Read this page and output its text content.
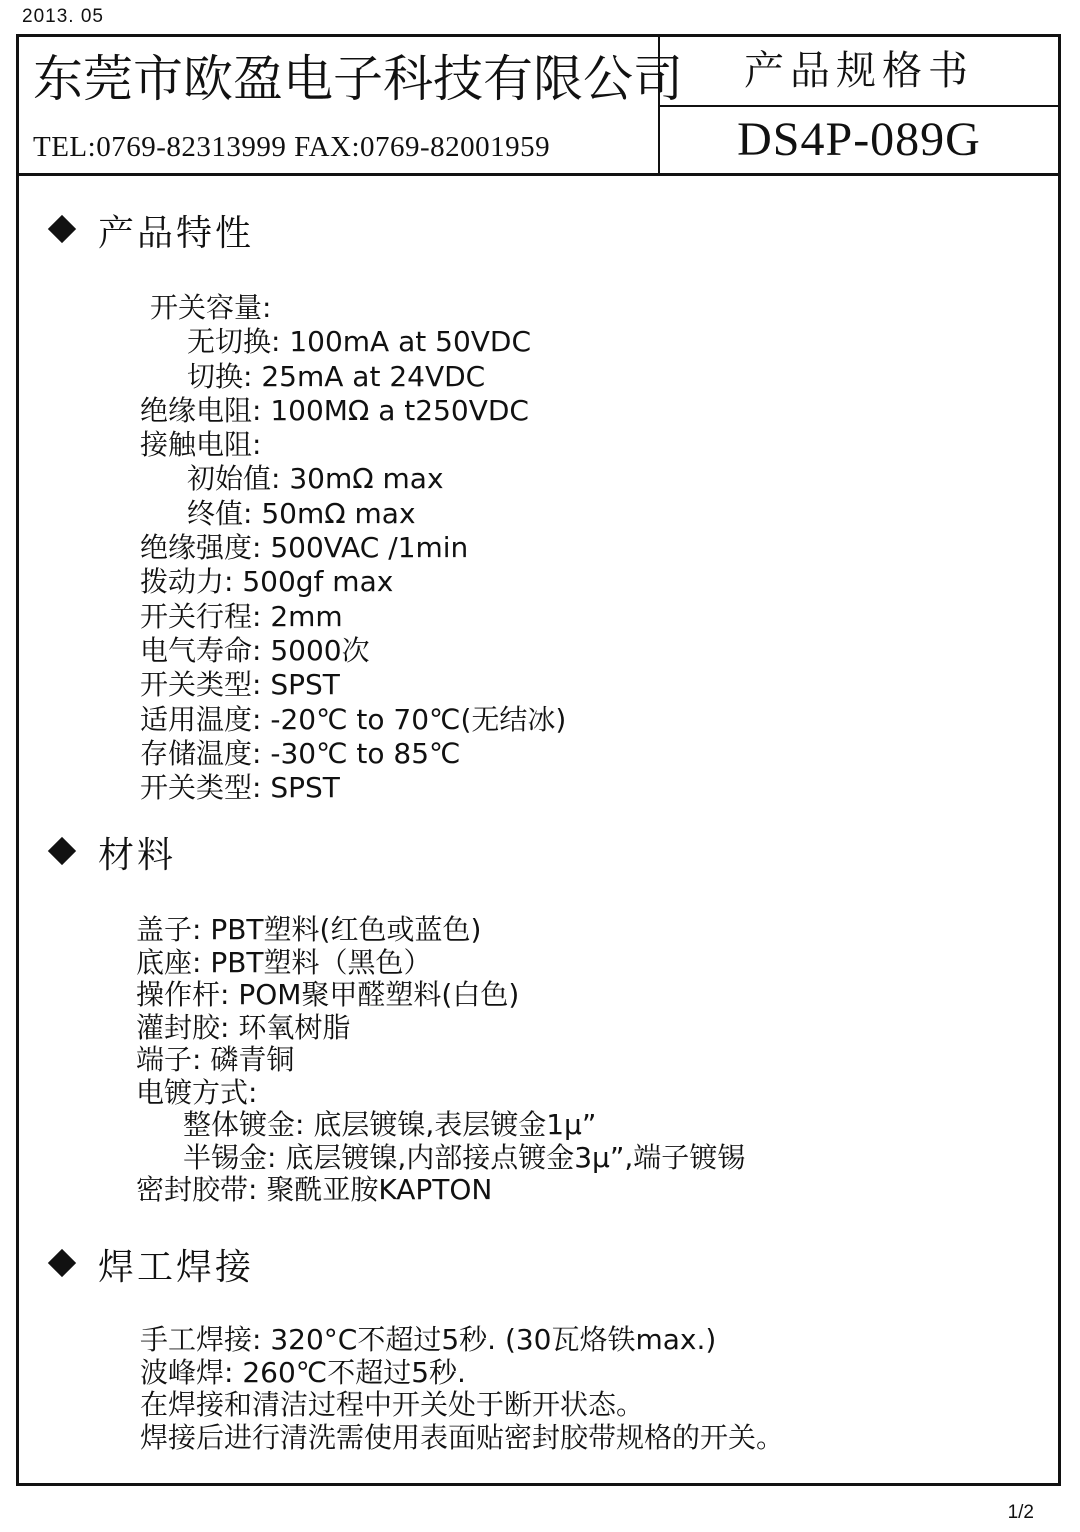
2013. 05
东莞市欧盈电子科技有限公司
TEL:0769-82313999 FAX:0769-82001959
产品规格书
DS4P-089G
产品特性
开关容量:
无切换: 100mA at 50VDC
切换: 25mA at 24VDC
绝缘电阻: 100MΩ a t250VDC
接触电阻:
初始值: 30mΩ max
终值: 50mΩ max
绝缘强度: 500VAC /1min
拨动力: 500gf max
开关行程: 2mm
电气寿命: 5000次
开关类型: SPST
适用温度: -20℃ to 70℃(无结冰)
存储温度: -30℃ to 85℃
开关类型: SPST
材料
盖子: PBT塑料(红色或蓝色)
底座: PBT塑料（黑色）
操作杆: POM聚甲醛塑料(白色)
灌封胶: 环氧树脂
端子: 磷青铜
电镀方式:
整体镀金: 底层镀镍,表层镀金1μ”
半锡金: 底层镀镍,内部接点镀金3μ”,端子镀锡
密封胶带: 聚酰亚胺KAPTON
焊工焊接
手工焊接: 320°C不超过5秒. (30瓦烙铁max.)
波峰焊: 260℃不超过5秒.
在焊接和清洁过程中开关处于断开状态。
焊接后进行清洗需使用表面贴密封胶带规格的开关。
1/2
